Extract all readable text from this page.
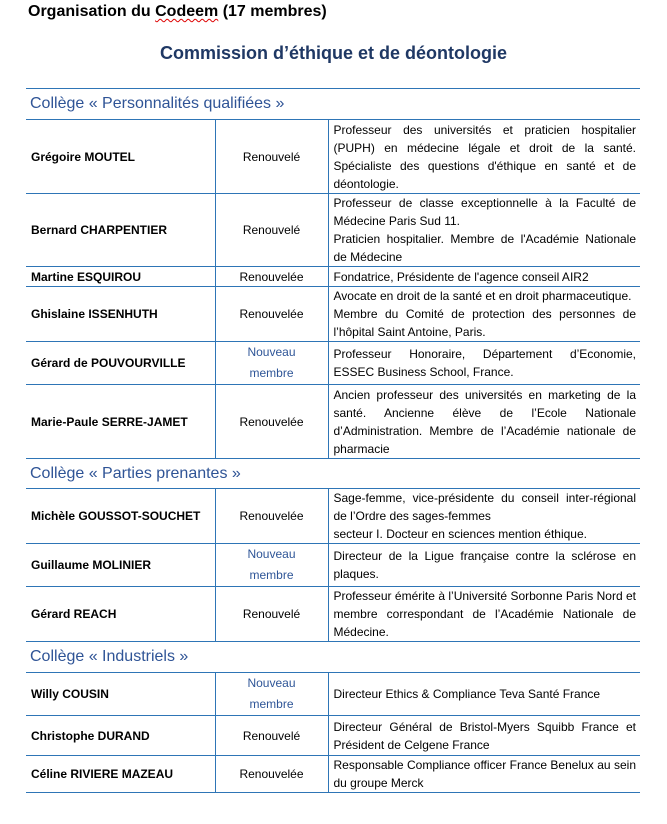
Organisation du Codeem (17 membres)
Commission d’éthique et de déontologie
Collège « Personnalités qualifiées »		
Grégoire MOUTEL	Renouvelé	Professeur des universités et praticien hospitalier (PUPH) en médecine légale et droit de la santé. Spécialiste des questions d'éthique en santé et de déontologie.

Bernard CHARPENTIER	Renouvelé	Professeur de classe exceptionnelle à la Faculté de Médecine Paris Sud 11.
Praticien hospitalier. Membre de l'Académie Nationale de Médecine

Martine ESQUIROU	Renouvelée	Fondatrice, Présidente de l'agence conseil AIR2

Ghislaine ISSENHUTH	Renouvelée	Avocate en droit de la santé et en droit pharmaceutique.
Membre du Comité de protection des personnes de l’hôpital Saint Antoine, Paris.

Gérard de POUVOURVILLE	Nouveau membre	Professeur Honoraire, Département d’Economie, ESSEC Business School, France.

Marie-Paule SERRE-JAMET	Renouvelée	Ancien professeur des universités en marketing de la santé. Ancienne élève de l’Ecole Nationale d’Administration. Membre de l’Académie nationale de pharmacie

Collège « Parties prenantes »		
Michèle GOUSSOT-SOUCHET	Renouvelée	Sage-femme, vice-présidente du conseil inter-régional de l’Ordre des sages-femmes
secteur I. Docteur en sciences mention éthique.

Guillaume MOLINIER	Nouveau membre	Directeur de la Ligue française contre la sclérose en plaques.

Gérard REACH	Renouvelé	Professeur émérite à l’Université Sorbonne Paris Nord et membre correspondant de l’Académie Nationale de Médecine.

Collège « Industriels »		
Willy COUSIN	Nouveau membre	Directeur Ethics & Compliance Teva Santé France

Christophe DURAND	Renouvelé	Directeur Général de Bristol-Myers Squibb France et Président de Celgene France

Céline RIVIERE MAZEAU	Renouvelée	Responsable Compliance officer France Benelux au sein du groupe Merck
